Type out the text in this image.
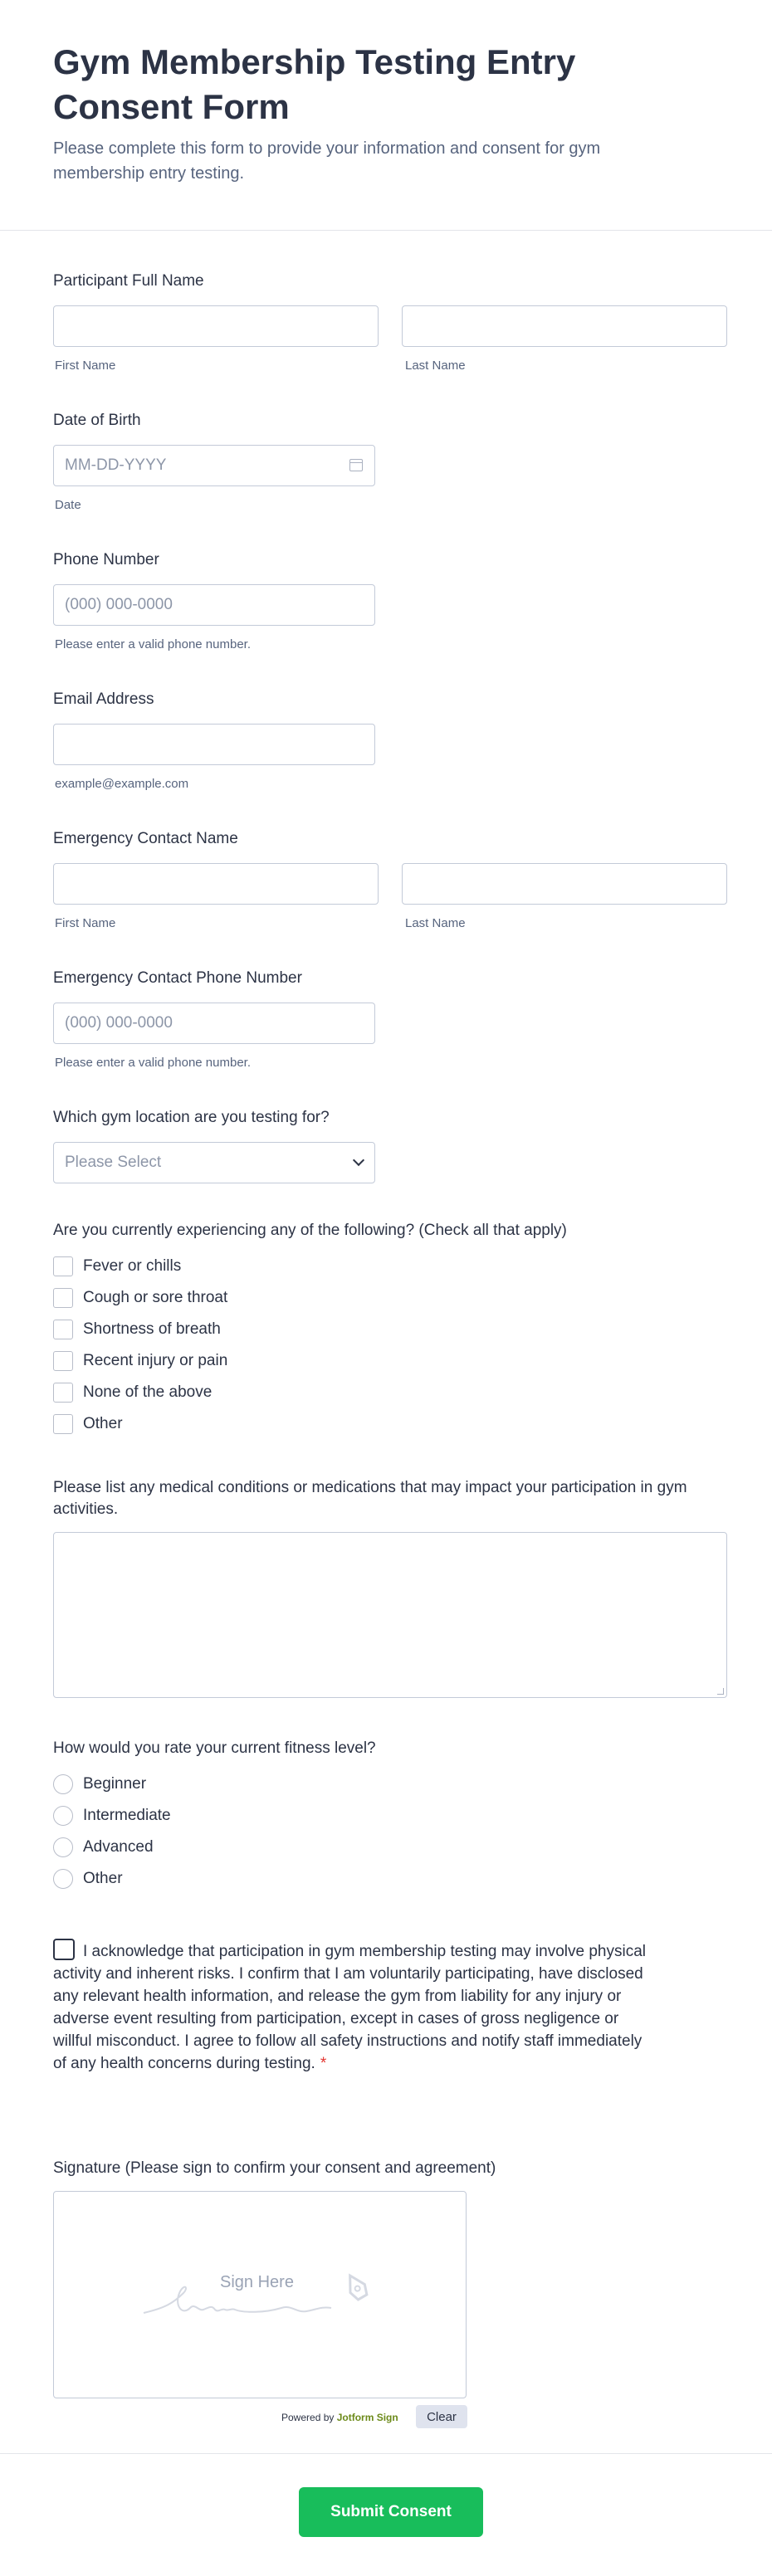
Gym Membership Testing Entry Consent Form
Please complete this form to provide your information and consent for gym membership entry testing.
Participant Full Name
First Name	Last Name
Date of Birth
MM-DD-YYYY
Date
Phone Number
(000) 000-0000
Please enter a valid phone number.
Email Address
example@example.com
Emergency Contact Name
First Name	Last Name
Emergency Contact Phone Number
(000) 000-0000
Please enter a valid phone number.
Which gym location are you testing for?
Please Select
Are you currently experiencing any of the following? (Check all that apply)
Fever or chills
Cough or sore throat
Shortness of breath
Recent injury or pain
None of the above
Other
Please list any medical conditions or medications that may impact your participation in gym activities.
How would you rate your current fitness level?
Beginner
Intermediate
Advanced
Other
I acknowledge that participation in gym membership testing may involve physical activity and inherent risks. I confirm that I am voluntarily participating, have disclosed any relevant health information, and release the gym from liability for any injury or adverse event resulting from participation, except in cases of gross negligence or willful misconduct. I agree to follow all safety instructions and notify staff immediately of any health concerns during testing. *
Signature (Please sign to confirm your consent and agreement)
Sign Here
Powered by Jotform Sign	Clear
Submit Consent
